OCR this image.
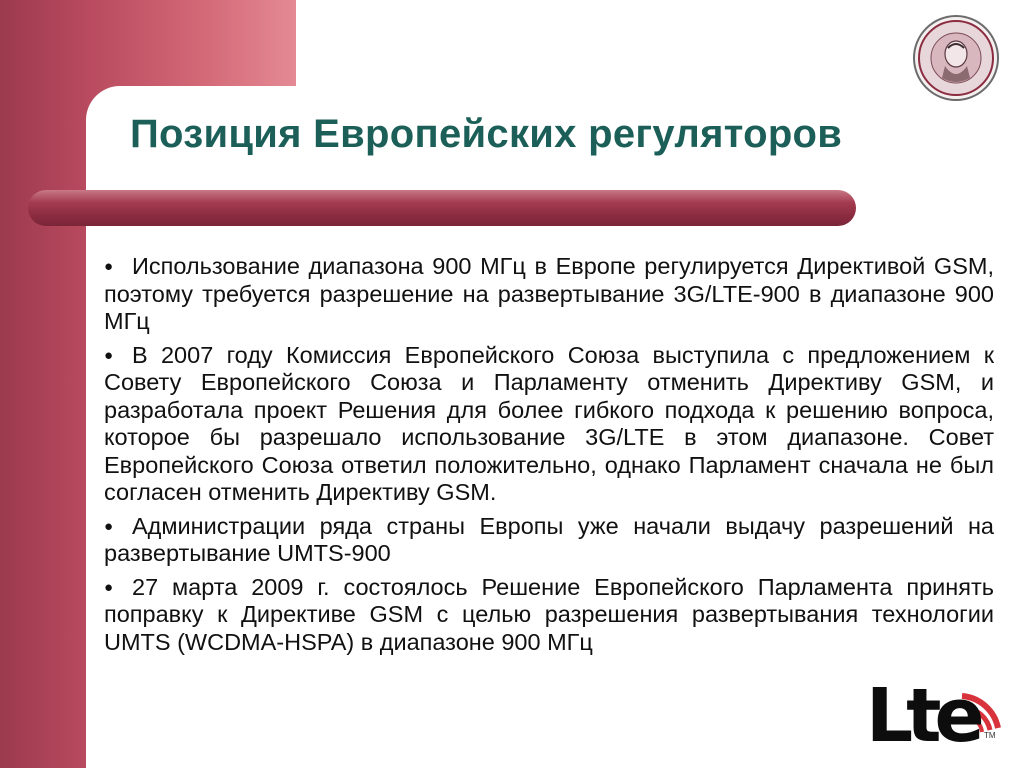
Позиция Европейских регуляторов

● Использование диапазона 900 МГц в Европе регулируется Директивой GSM, поэтому требуется разрешение на развертывание 3G/LTE-900 в диапазоне 900 МГц

● В 2007 году Комиссия Европейского Союза выступила с предложением к Совету Европейского Союза и Парламенту отменить Директиву GSM, и разработала проект Решения для более гибкого подхода к решению вопроса, которое бы разрешало использование 3G/LTE в этом диапазоне. Совет Европейского Союза ответил положительно, однако Парламент сначала не был согласен отменить Директиву GSM.

● Администрации ряда страны Европы уже начали выдачу разрешений на развертывание UMTS-900

● 27 марта 2009 г. состоялось Решение Европейского Парламента принять поправку к Директиве GSM с целью разрешения развертывания технологии UMTS (WCDMA-HSPA) в диапазоне 900 МГц

Lte TM
